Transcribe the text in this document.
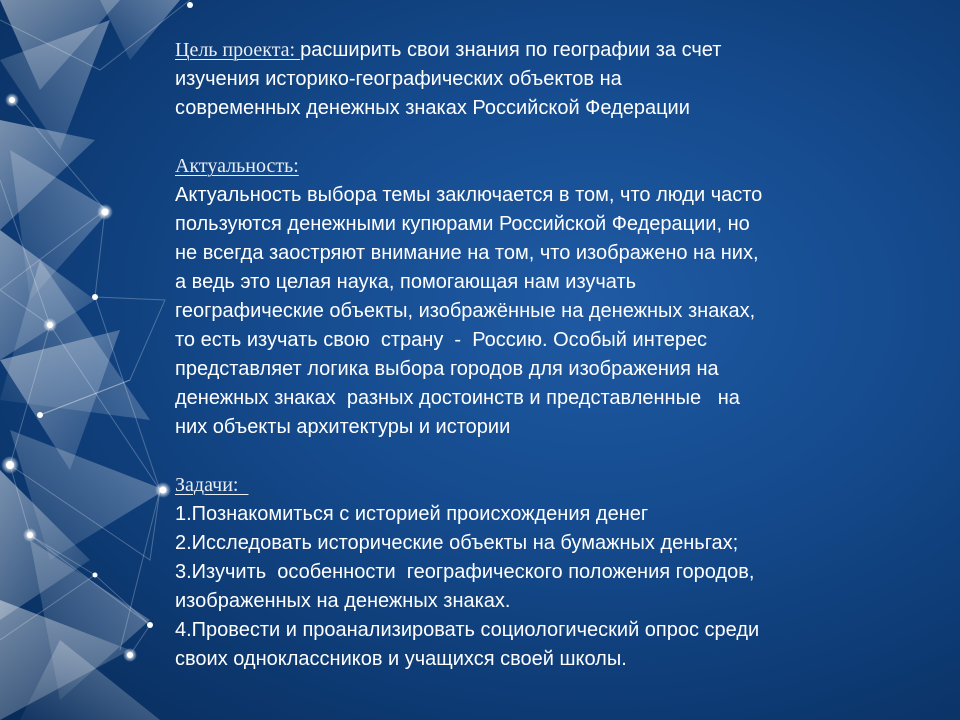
Цель проекта: расширить свои знания по географии за счет
изучения историко-географических объектов на
современных денежных знаках Российской Федерации

Актуальность:
Актуальность выбора темы заключается в том, что люди часто
пользуются денежными купюрами Российской Федерации, но
не всегда заостряют внимание на том, что изображено на них,
а ведь это целая наука, помогающая нам изучать
географические объекты, изображённые на денежных знаках,
то есть изучать свою  страну  -  Россию. Особый интерес
представляет логика выбора городов для изображения на
денежных знаках  разных достоинств и представленные   на
них объекты архитектуры и истории

Задачи:
1.Познакомиться с историей происхождения денег
2.Исследовать исторические объекты на бумажных деньгах;
3.Изучить  особенности  географического положения городов,
изображенных на денежных знаках.
4.Провести и проанализировать социологический опрос среди
своих одноклассников и учащихся своей школы.
